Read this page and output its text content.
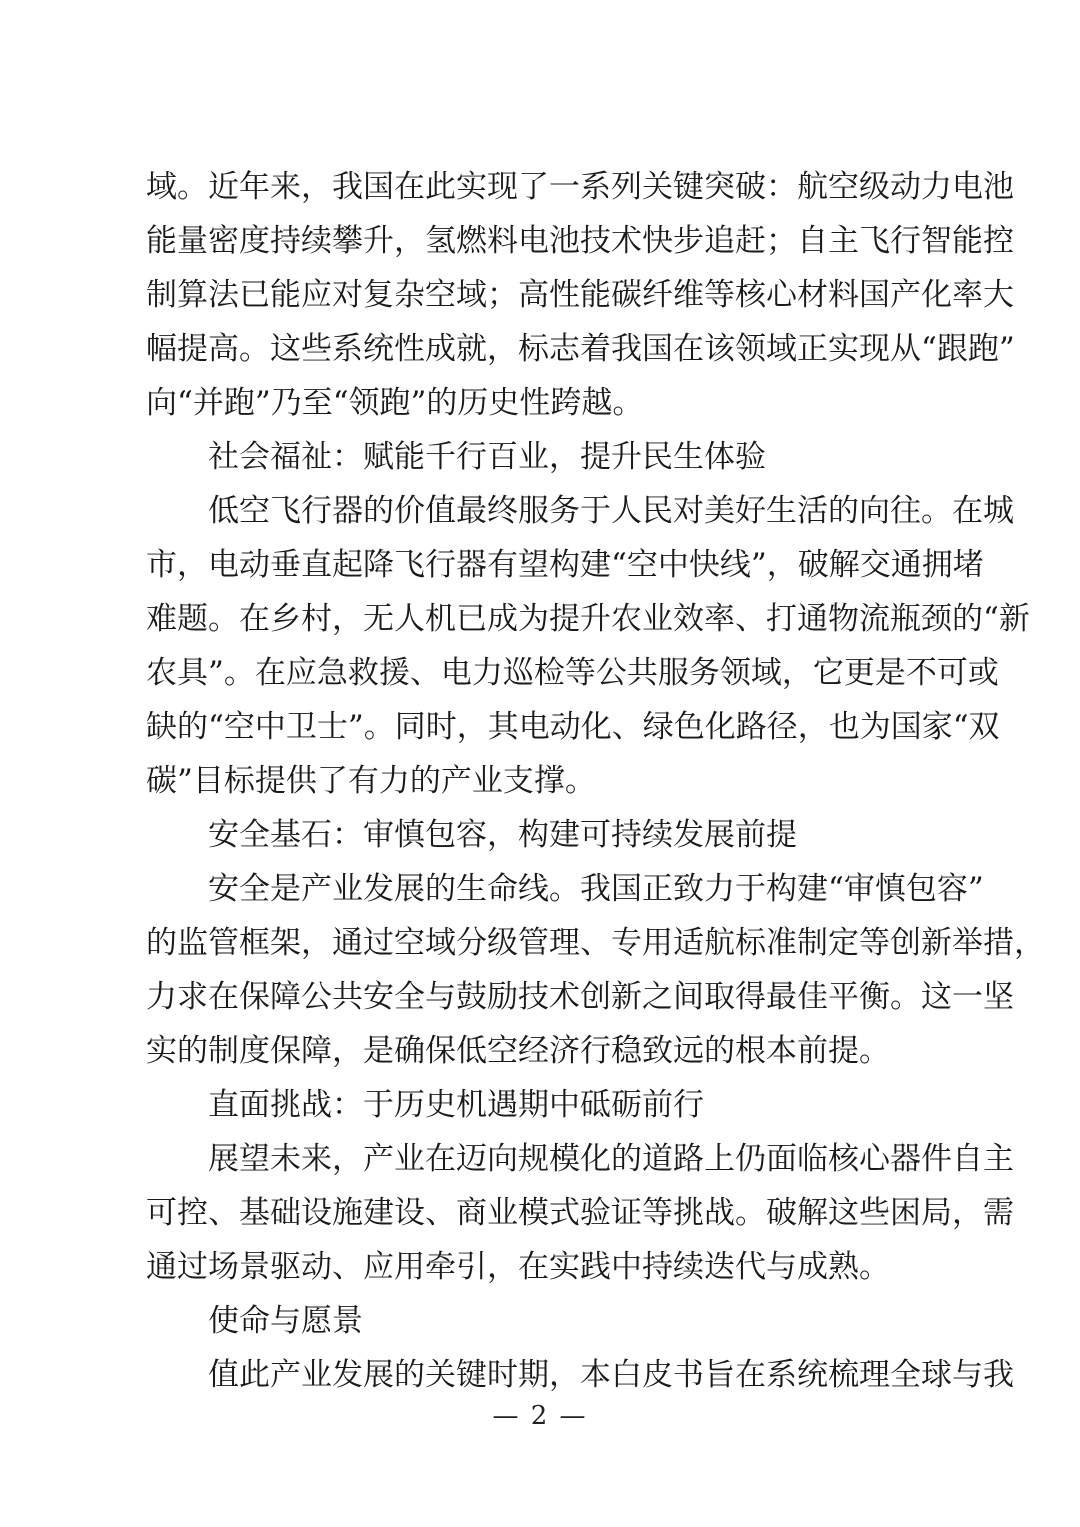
域。近年来，我国在此实现了一系列关键突破：航空级动力电池
能量密度持续攀升，氢燃料电池技术快步追赶；自主飞行智能控
制算法已能应对复杂空域；高性能碳纤维等核心材料国产化率大
幅提高。这些系统性成就，标志着我国在该领域正实现从“跟跑”
向“并跑”乃至“领跑”的历史性跨越。
社会福祉：赋能千行百业，提升民生体验
低空飞行器的价值最终服务于人民对美好生活的向往。在城
市，电动垂直起降飞行器有望构建“空中快线”，破解交通拥堵
难题。在乡村，无人机已成为提升农业效率、打通物流瓶颈的“新
农具”。在应急救援、电力巡检等公共服务领域，它更是不可或
缺的“空中卫士”。同时，其电动化、绿色化路径，也为国家“双
碳”目标提供了有力的产业支撑。
安全基石：审慎包容，构建可持续发展前提
安全是产业发展的生命线。我国正致力于构建“审慎包容”
的监管框架，通过空域分级管理、专用适航标准制定等创新举措，
力求在保障公共安全与鼓励技术创新之间取得最佳平衡。这一坚
实的制度保障，是确保低空经济行稳致远的根本前提。
直面挑战：于历史机遇期中砥砺前行
展望未来，产业在迈向规模化的道路上仍面临核心器件自主
可控、基础设施建设、商业模式验证等挑战。破解这些困局，需
通过场景驱动、应用牵引，在实践中持续迭代与成熟。
使命与愿景
值此产业发展的关键时期，本白皮书旨在系统梳理全球与我
— 2 —
